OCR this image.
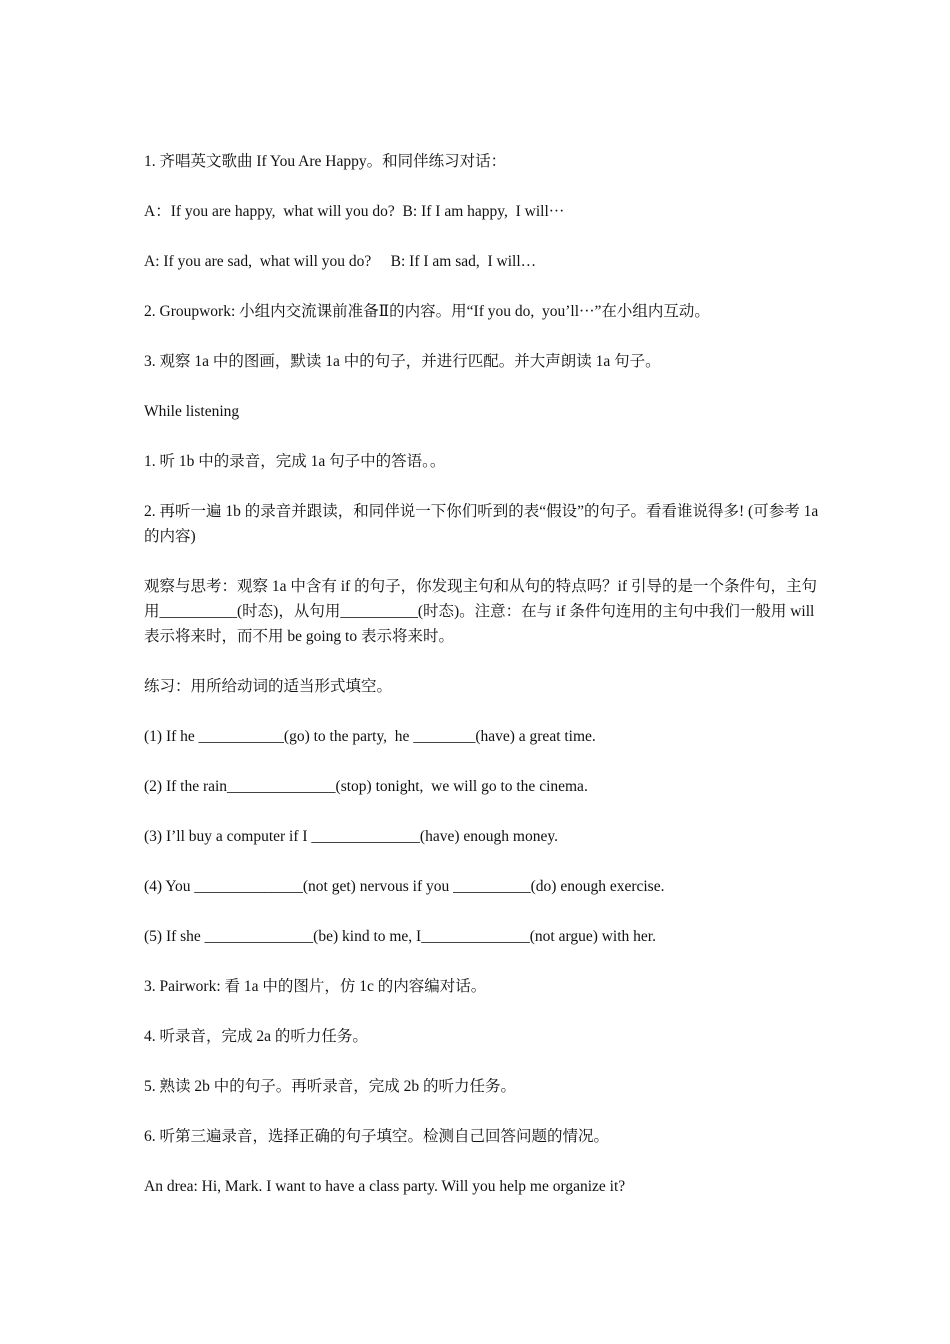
1. 齐唱英文歌曲 If You Are Happy。和同伴练习对话：

A：If you are happy,  what will you do?  B: If I am happy,  I will···

A: If you are sad,  what will you do?     B: If I am sad,  I will…

2. Groupwork: 小组内交流课前准备Ⅱ的内容。用“If you do,  you’ll···”在小组内互动。

3. 观察 1a 中的图画，默读 1a 中的句子，并进行匹配。并大声朗读 1a 句子。

While listening

1. 听 1b 中的录音，完成 1a 句子中的答语。。

2. 再听一遍 1b 的录音并跟读，和同伴说一下你们听到的表“假设”的句子。看看谁说得多! (可参考 1a 的内容)

观察与思考：观察 1a 中含有 if 的句子，你发现主句和从句的特点吗？if 引导的是一个条件句，主句用__________(时态)，从句用__________(时态)。注意：在与 if 条件句连用的主句中我们一般用 will 表示将来时，而不用 be going to 表示将来时。

练习：用所给动词的适当形式填空。

(1) If he ___________(go) to the party,  he ________(have) a great time.

(2) If the rain______________(stop) tonight,  we will go to the cinema.

(3) I’ll buy a computer if I ______________(have) enough money.

(4) You ______________(not get) nervous if you __________(do) enough exercise.

(5) If she ______________(be) kind to me, I______________(not argue) with her.

3. Pairwork: 看 1a 中的图片，仿 1c 的内容编对话。

4. 听录音，完成 2a 的听力任务。

5. 熟读 2b 中的句子。再听录音，完成 2b 的听力任务。

6. 听第三遍录音，选择正确的句子填空。检测自己回答问题的情况。

An drea: Hi, Mark. I want to have a class party. Will you help me organize it?
